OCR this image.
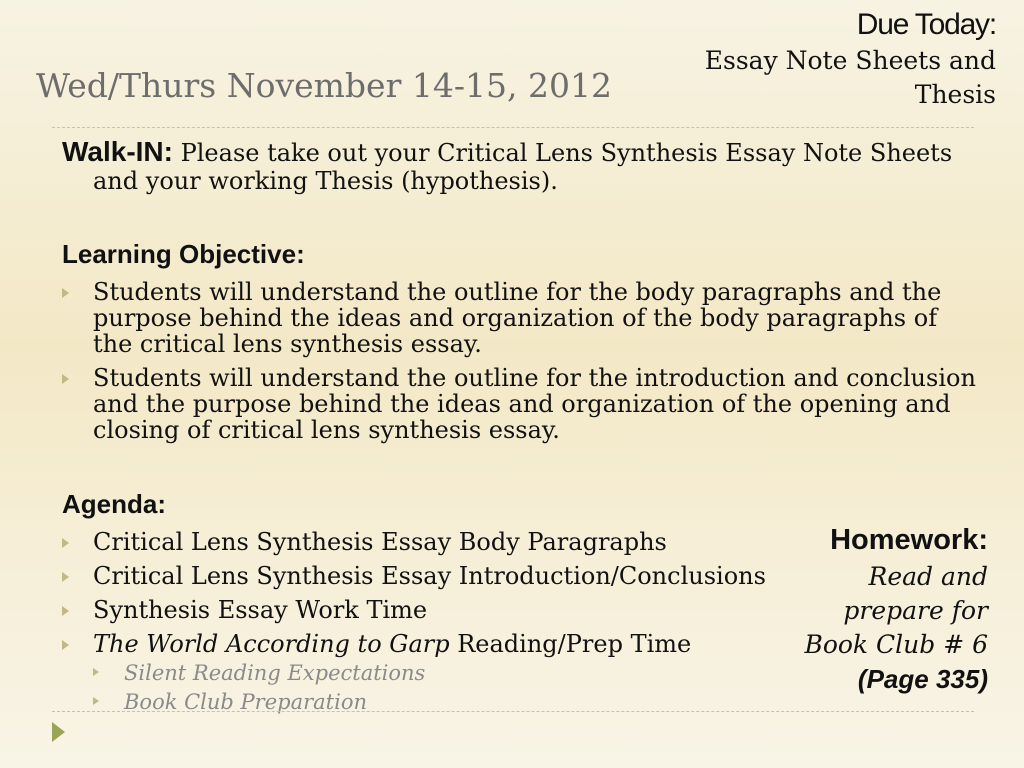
Wed/Thurs November 14-15, 2012
Due Today:
Essay Note Sheets and
Thesis
Walk-IN: Please take out your Critical Lens Synthesis Essay Note Sheets and your working Thesis (hypothesis).
Learning Objective:
Students will understand the outline for the body paragraphs and the purpose behind the ideas and organization of the body paragraphs of the critical lens synthesis essay.
Students will understand the outline for the introduction and conclusion and the purpose behind the ideas and organization of the opening and closing of critical lens synthesis essay.
Agenda:
Critical Lens Synthesis Essay Body Paragraphs
Critical Lens Synthesis Essay Introduction/Conclusions
Synthesis Essay Work Time
The World According to Garp Reading/Prep Time
Silent Reading Expectations
Book Club Preparation
Homework:
Read and
prepare for
Book Club # 6
(Page 335)
